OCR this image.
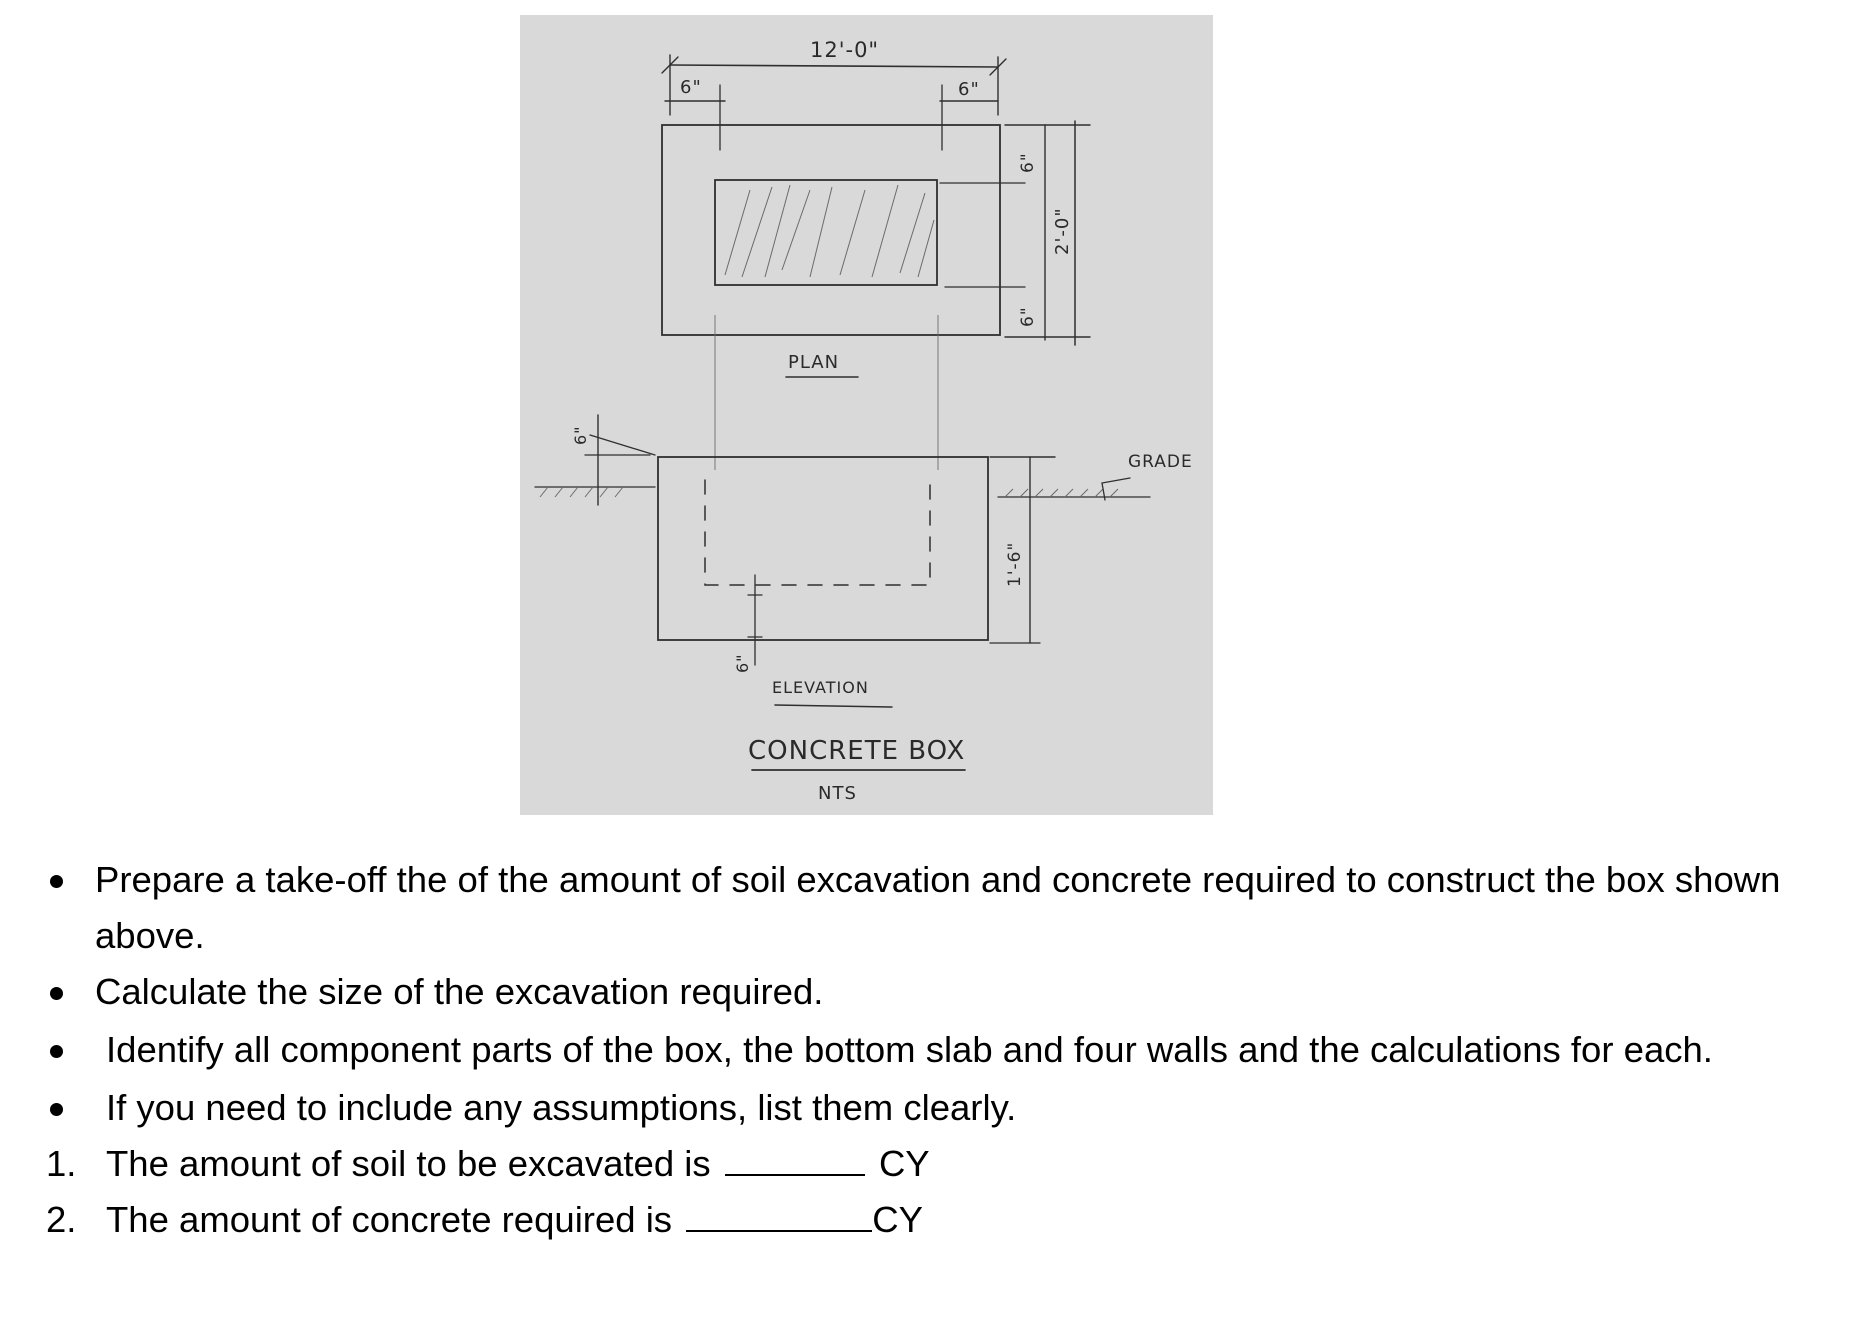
12'-0"
6"	6"
6"
2'-0"
6"
PLAN
GRADE
1'-6"
6"
6"
ELEVATION
CONCRETE BOX
NTS

Prepare a take-off the of the amount of soil excavation and concrete required to construct the box shown above.

Calculate the size of the excavation required.

Identify all component parts of the box, the bottom slab and four walls and the calculations for each.

If you need to include any assumptions, list them clearly.

1. The amount of soil to be excavated is	CY

2. The amount of concrete required is	CY
